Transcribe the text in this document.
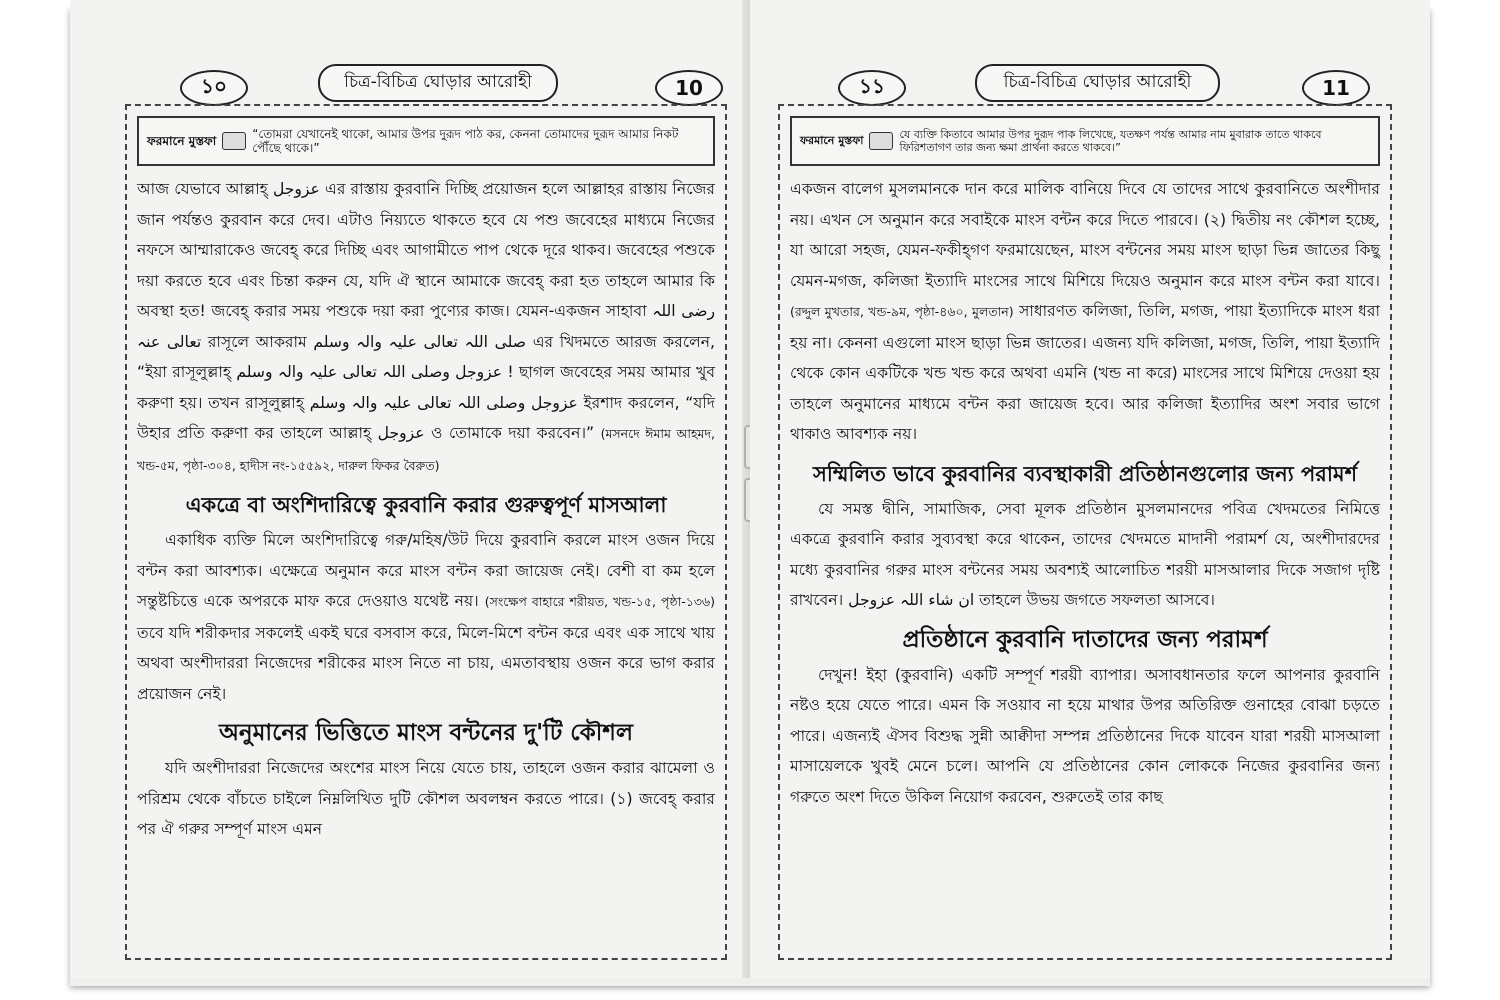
১০	চিত্র-বিচিত্র ঘোড়ার আরোহী	10
ফরমানে মুস্তফা
“তোমরা যেখানেই থাকো, আমার উপর দুরূদ পাঠ কর, কেননা তোমাদের দুরূদ আমার নিকট পৌঁছে থাকে।”

আজ যেভাবে আল্লাহ্ عزوجل এর রাস্তায় কুরবানি দিচ্ছি প্রয়োজন হলে আল্লাহর রাস্তায় নিজের জান পর্যন্তও কুরবান করে দেব। এটাও নিয়্যতে থাকতে হবে যে পশু জবেহের মাধ্যমে নিজের নফসে আম্মারাকেও জবেহ্ করে দিচ্ছি এবং আগামীতে পাপ থেকে দূরে থাকব। জবেহের পশুকে দয়া করতে হবে এবং চিন্তা করুন যে, যদি ঐ স্থানে আমাকে জবেহ্ করা হত তাহলে আমার কি অবস্থা হত! জবেহ্ করার সময় পশুকে দয়া করা পুণ্যের কাজ। যেমন-একজন সাহাবা رضی اللہ تعالی عنہ রাসূলে আকরাম صلی اللہ تعالی علیہ والہ وسلم এর খিদমতে আরজ করলেন, “ইয়া রাসূলুল্লাহ্ عزوجل وصلی اللہ تعالی علیہ والہ وسلم ! ছাগল জবেহের সময় আমার খুব করুণা হয়। তখন রাসূলুল্লাহ্ عزوجل وصلی اللہ تعالی علیہ والہ وسلم ইরশাদ করলেন, “যদি উহার প্রতি করুণা কর তাহলে আল্লাহ্ عزوجل ও তোমাকে দয়া করবেন।” (মসনদে ঈমাম আহমদ, খন্ড-৫ম, পৃষ্ঠা-৩০৪, হাদীস নং-১৫৫৯২, দারুল ফিকর বৈরুত)

একত্রে বা অংশিদারিত্বে কুরবানি করার গুরুত্বপূর্ণ মাসআলা

একাধিক ব্যক্তি মিলে অংশিদারিত্বে গরু/মহিষ/উট দিয়ে কুরবানি করলে মাংস ওজন দিয়ে বন্টন করা আবশ্যক। এক্ষেত্রে অনুমান করে মাংস বন্টন করা জায়েজ নেই। বেশী বা কম হলে সন্তুষ্টচিত্তে একে অপরকে মাফ করে দেওয়াও যথেষ্ট নয়। (সংক্ষেপ বাহারে শরীয়ত, খন্ড-১৫, পৃষ্ঠা-১৩৬) তবে যদি শরীকদার সকলেই একই ঘরে বসবাস করে, মিলে-মিশে বন্টন করে এবং এক সাথে খায় অথবা অংশীদাররা নিজেদের শরীকের মাংস নিতে না চায়, এমতাবস্থায় ওজন করে ভাগ করার প্রয়োজন নেই।

অনুমানের ভিত্তিতে মাংস বন্টনের দু'টি কৌশল

যদি অংশীদাররা নিজেদের অংশের মাংস নিয়ে যেতে চায়, তাহলে ওজন করার ঝামেলা ও পরিশ্রম থেকে বাঁচতে চাইলে নিম্নলিখিত দুটি কৌশল অবলম্বন করতে পারে। (১) জবেহ্ করার পর ঐ গরুর সম্পূর্ণ মাংস এমন

১১	চিত্র-বিচিত্র ঘোড়ার আরোহী	11
ফরমানে মুস্তফা
যে ব্যক্তি কিতাবে আমার উপর দুরূদ পাক লিখেছে, যতক্ষণ পর্যন্ত আমার নাম মুবারাক তাতে থাকবে ফিরিশতাগণ তার জন্য ক্ষমা প্রার্থনা করতে থাকবে।”

একজন বালেগ মুসলমানকে দান করে মালিক বানিয়ে দিবে যে তাদের সাথে কুরবানিতে অংশীদার নয়। এখন সে অনুমান করে সবাইকে মাংস বন্টন করে দিতে পারবে। (২) দ্বিতীয় নং কৌশল হচ্ছে, যা আরো সহজ, যেমন-ফকীহ্গণ ফরমায়েছেন, মাংস বন্টনের সময় মাংস ছাড়া ভিন্ন জাতের কিছু যেমন-মগজ, কলিজা ইত্যাদি মাংসের সাথে মিশিয়ে দিয়েও অনুমান করে মাংস বন্টন করা যাবে। (রদ্দুল মুখতার, খন্ড-৯ম, পৃষ্ঠা-৪৬০, মুলতান) সাধারণত কলিজা, তিলি, মগজ, পায়া ইত্যাদিকে মাংস ধরা হয় না। কেননা এগুলো মাংস ছাড়া ভিন্ন জাতের। এজন্য যদি কলিজা, মগজ, তিলি, পায়া ইত্যাদি থেকে কোন একটিকে খন্ড খন্ড করে অথবা এমনি (খন্ড না করে) মাংসের সাথে মিশিয়ে দেওয়া হয় তাহলে অনুমানের মাধ্যমে বন্টন করা জায়েজ হবে। আর কলিজা ইত্যাদির অংশ সবার ভাগে থাকাও আবশ্যক নয়।

সম্মিলিত ভাবে কুরবানির ব্যবস্থাকারী প্রতিষ্ঠানগুলোর জন্য পরামর্শ

যে সমস্ত দ্বীনি, সামাজিক, সেবা মূলক প্রতিষ্ঠান মুসলমানদের পবিত্র খেদমতের নিমিত্তে একত্রে কুরবানি করার সুব্যবস্থা করে থাকেন, তাদের খেদমতে মাদানী পরামর্শ যে, অংশীদারদের মধ্যে কুরবানির গরুর মাংস বন্টনের সময় অবশ্যই আলোচিত শরয়ী মাসআলার দিকে সজাগ দৃষ্টি রাখবেন। ان شاء اللہ عزوجل তাহলে উভয় জগতে সফলতা আসবে।

প্রতিষ্ঠানে কুরবানি দাতাদের জন্য পরামর্শ

দেখুন! ইহা (কুরবানি) একটি সম্পূর্ণ শরয়ী ব্যাপার। অসাবধানতার ফলে আপনার কুরবানি নষ্টও হয়ে যেতে পারে। এমন কি সওয়াব না হয়ে মাথার উপর অতিরিক্ত গুনাহের বোঝা চড়তে পারে। এজন্যই ঐসব বিশুদ্ধ সুন্নী আক্বীদা সম্পন্ন প্রতিষ্ঠানের দিকে যাবেন যারা শরয়ী মাসআলা মাসায়েলকে খুবই মেনে চলে। আপনি যে প্রতিষ্ঠানের কোন লোককে নিজের কুরবানির জন্য গরুতে অংশ দিতে উকিল নিয়োগ করবেন, শুরুতেই তার কাছ
